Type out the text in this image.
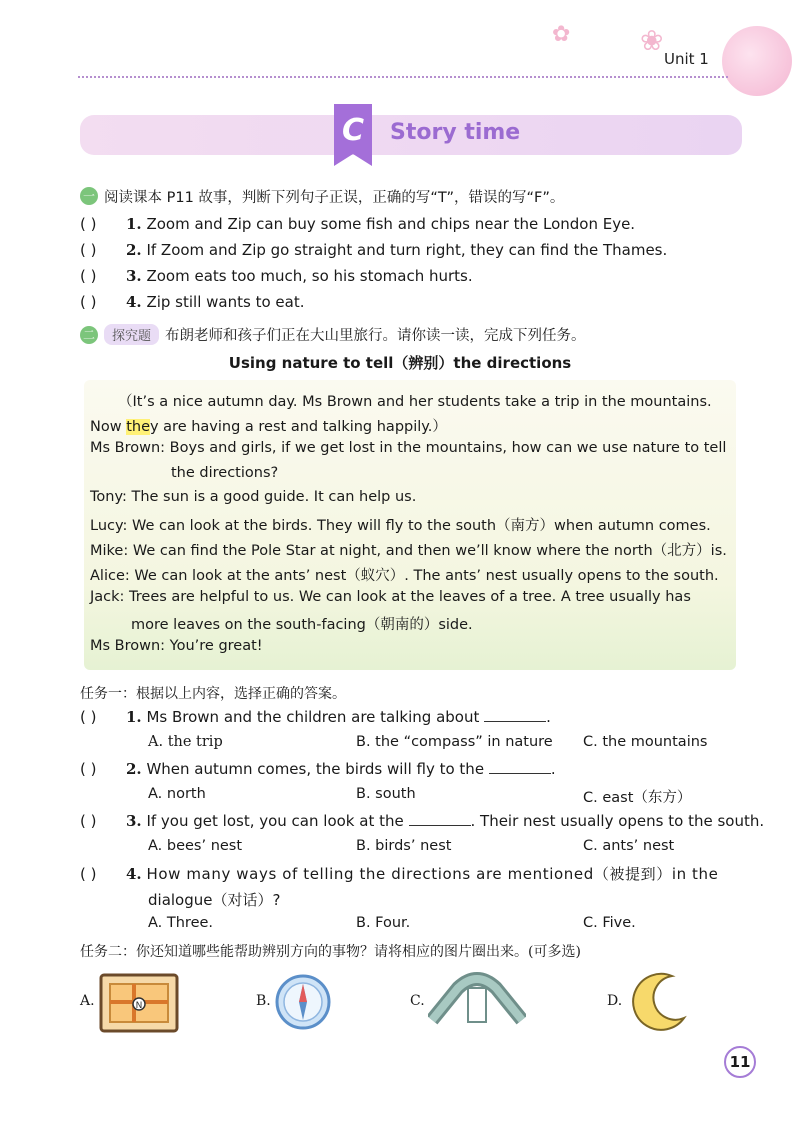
✿ ❀
Unit 1
C Story time
一 阅读课本 P11 故事，判断下列句子正误，正确的写“T”，错误的写“F”。
( ) 1. Zoom and Zip can buy some fish and chips near the London Eye.
( ) 2. If Zoom and Zip go straight and turn right, they can find the Thames.
( ) 3. Zoom eats too much, so his stomach hurts.
( ) 4. Zip still wants to eat.
二	探究题 布朗老师和孩子们正在大山里旅行。请你读一读，完成下列任务。
Using nature to tell（辨别）the directions
（It’s a nice autumn day. Ms Brown and her students take a trip in the mountains.
Now they are having a rest and talking happily.）
Ms Brown: Boys and girls, if we get lost in the mountains, how can we use nature to tell
the directions?
Tony: The sun is a good guide. It can help us.
Lucy: We can look at the birds. They will fly to the south（南方）when autumn comes.
Mike: We can find the Pole Star at night, and then we’ll know where the north（北方）is.
Alice: We can look at the ants’ nest（蚁穴）. The ants’ nest usually opens to the south.
Jack: Trees are helpful to us. We can look at the leaves of a tree. A tree usually has
more leaves on the south-facing（朝南的）side.
Ms Brown: You’re great!
任务一：根据以上内容，选择正确的答案。
( ) 1. Ms Brown and the children are talking about	.
A. the trip	B. the “compass” in nature C. the mountains
( ) 2. When autumn comes, the birds will fly to the	.
A. north	B. south	C. east（东方）
( ) 3. If you get lost, you can look at the	. Their nest usually opens to the south.
A. bees’ nest	B. birds’ nest	C. ants’ nest
( ) 4. How many ways of telling the directions are mentioned（被提到）in the
dialogue（对话）?
A. Three.	B. Four.	C. Five.
任务二：你还知道哪些能帮助辨别方向的事物？请将相应的图片圈出来。(可多选)
A.	N	B.	C.	D.
11
